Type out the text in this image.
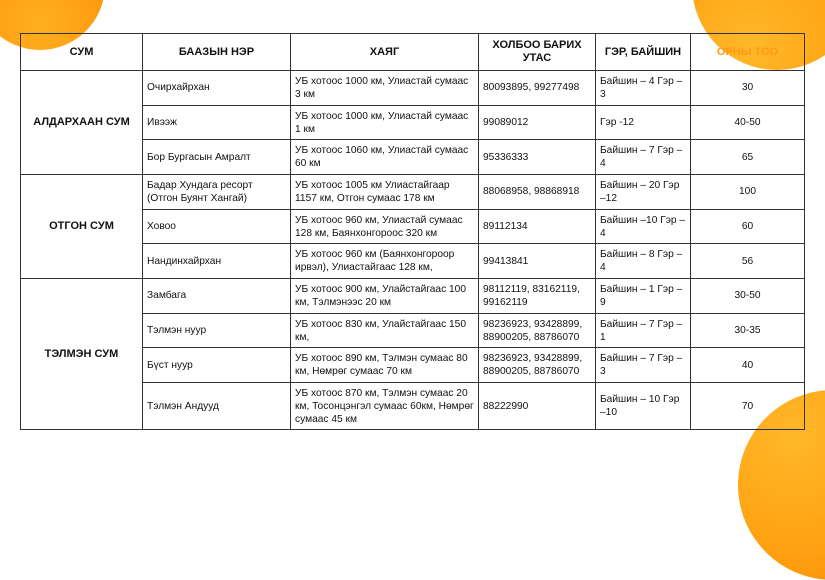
СУМ	БААЗЫН НЭР	ХАЯГ	ХОЛБОО БАРИХ УТАС	ГЭР, БАЙШИН	ОРНЫ ТОО
АЛДАРХААН СУМ	Очирхайрхан	УБ хотоос 1000 км, Улиастай сумаас 3 км	80093895, 99277498	Байшин – 4 Гэр –3	30
	Ивээж	УБ хотоос 1000 км, Улиастай сумаас 1 км	99089012	Гэр -12	40-50
	Бор Бургасын Амралт	УБ хотоос 1060 км, Улиастай сумаас 60 км	95336333	Байшин – 7 Гэр –4	65
ОТГОН СУМ	Бадар Хундага ресорт (Отгон Буянт Хангай)	УБ хотоос 1005 км Улиастайгаар 1157 км, Отгон сумаас 178 км	88068958, 98868918	Байшин – 20 Гэр –12	100
	Ховоо	УБ хотоос 960 км, Улиастай сумаас 128 км, Баянхонгороос 320 км	89112134	Байшин –10 Гэр –4	60
	Нандинхайрхан	УБ хотоос 960 км (Баянхонгороор ирвэл), Улиастайгаас 128 км,	99413841	Байшин – 8 Гэр –4	56
ТЭЛМЭН СУМ	Замбага	УБ хотоос 900 км, Улайстайгаас 100 км, Тэлмэнээс 20 км	98112119, 83162119, 99162119	Байшин – 1 Гэр –9	30-50
	Тэлмэн нуур	УБ хотоос 830 км, Улайстайгаас 150 км,	98236923, 93428899, 88900205, 88786070	Байшин – 7 Гэр –1	30-35
	Бүст нуур	УБ хотоос 890 км, Тэлмэн сумаас 80 км, Нөмрөг сумаас 70 км	98236923, 93428899, 88900205, 88786070	Байшин – 7 Гэр –3	40
	Тэлмэн Андууд	УБ хотоос 870 км, Тэлмэн сумаас 20 км, Тосонцэнгэл сумаас 60км, Нөмрөг сумаас 45 км	88222990	Байшин – 10 Гэр –10	70
